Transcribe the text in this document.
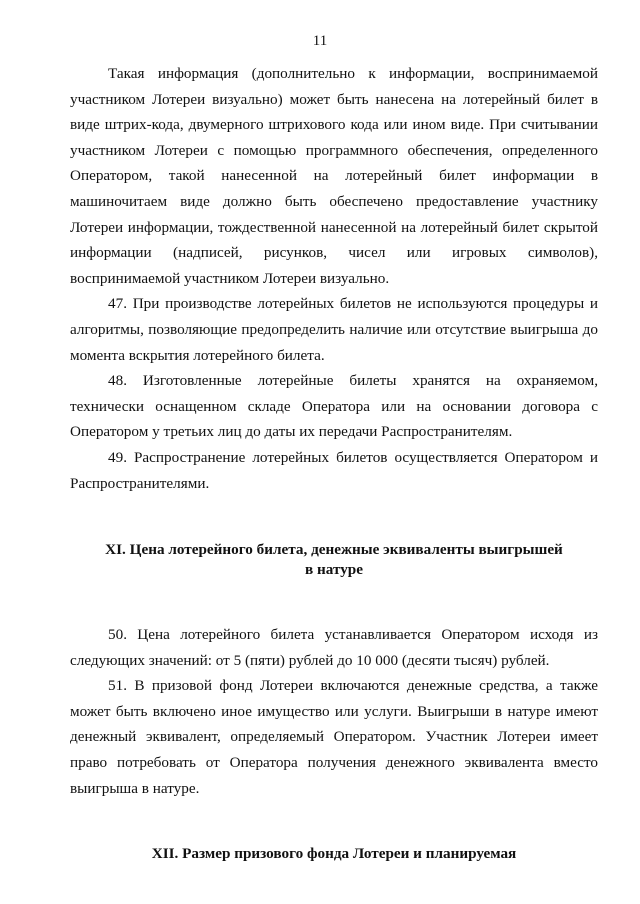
11

Такая информация (дополнительно к информации, воспринимаемой участником Лотереи визуально) может быть нанесена на лотерейный билет в виде штрих-кода, двумерного штрихового кода или ином виде. При считывании участником Лотереи с помощью программного обеспечения, определенного Оператором, такой нанесенной на лотерейный билет информации в машиночитаем виде должно быть обеспечено предоставление участнику Лотереи информации, тождественной нанесенной на лотерейный билет скрытой информации (надписей, рисунков, чисел или игровых символов), воспринимаемой участником Лотереи визуально.

47. При производстве лотерейных билетов не используются процедуры и алгоритмы, позволяющие предопределить наличие или отсутствие выигрыша до момента вскрытия лотерейного билета.

48. Изготовленные лотерейные билеты хранятся на охраняемом, технически оснащенном складе Оператора или на основании договора с Оператором у третьих лиц до даты их передачи Распространителям.

49. Распространение лотерейных билетов осуществляется Оператором и Распространителями.

XI. Цена лотерейного билета, денежные эквиваленты выигрышей
в натуре

50. Цена лотерейного билета устанавливается Оператором исходя из следующих значений: от 5 (пяти) рублей до 10 000 (десяти тысяч) рублей.

51. В призовой фонд Лотереи включаются денежные средства, а также может быть включено иное имущество или услуги. Выигрыши в натуре имеют денежный эквивалент, определяемый Оператором. Участник Лотереи имеет право потребовать от Оператора получения денежного эквивалента вместо выигрыша в натуре.

XII. Размер призового фонда Лотереи и планируемая
